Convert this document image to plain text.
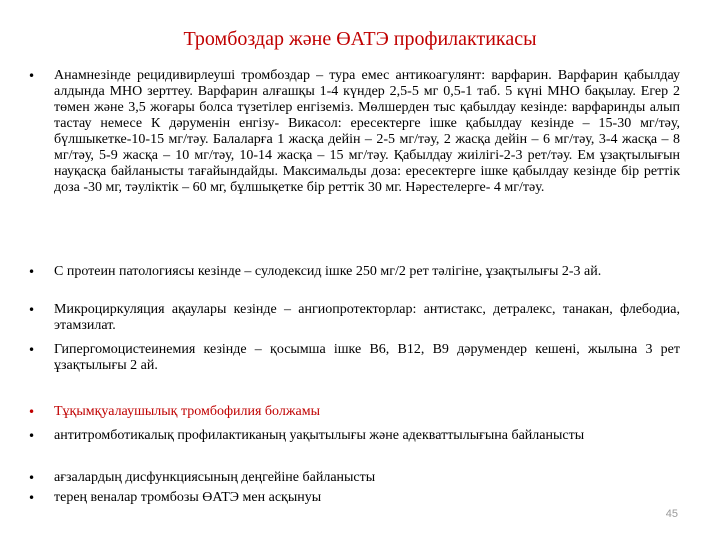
Тромбоздар және ӨАТЭ профилактикасы
• Анамнезінде рецидивирлеуші тромбоздар – тура емес антикоагулянт: варфарин. Варфарин қабылдау алдында МНО зерттеу. Варфарин алғашқы 1-4 күндер 2,5-5 мг 0,5-1 таб. 5 күні МНО бақылау. Егер 2 төмен және 3,5 жоғары болса түзетілер енгіземіз. Мөлшерден тыс қабылдау кезінде: варфаринды алып тастау немесе К дәруменін енгізу- Викасол: ересектерге ішке қабылдау кезінде – 15-30 мг/тәу, бүлшыкетке-10-15 мг/тәу. Балаларға 1 жасқа дейін – 2-5 мг/тәу, 2 жасқа дейін – 6 мг/тәу, 3-4 жасқа – 8 мг/тәу, 5-9 жасқа – 10 мг/тәу, 10-14 жасқа – 15 мг/тәу. Қабылдау жиілігі-2-3 рет/тәу. Ем ұзақтылығын науқасқа байланысты тағайындайды. Максимальды доза: ересектерге ішке қабылдау кезінде бір реттік доза -30 мг, тәуліктік – 60 мг, бұлшықетке бір реттік 30 мг. Нәрестелерге- 4 мг/тәу.
• С протеин патологиясы кезінде – сулодексид ішке 250 мг/2 рет тәлігіне, ұзақтылығы 2-3 ай.
• Микроциркуляция ақаулары кезінде – ангиопротекторлар: антистакс, детралекс, танакан, флебодиа, этамзилат.
• Гипергомоцистеинемия кезінде – қосымша ішке В6, В12, В9 дәрумендер кешені, жылына 3 рет ұзақтылығы 2 ай.
• Тұқымқуалаушылық тромбофилия болжамы
• антитромботикалық профилактиканың уақытылығы және адекваттылығына байланысты
• ағзалардың дисфункциясының деңгейіне байланысты
• терең веналар тромбозы ӨАТЭ мен асқынуы
45
